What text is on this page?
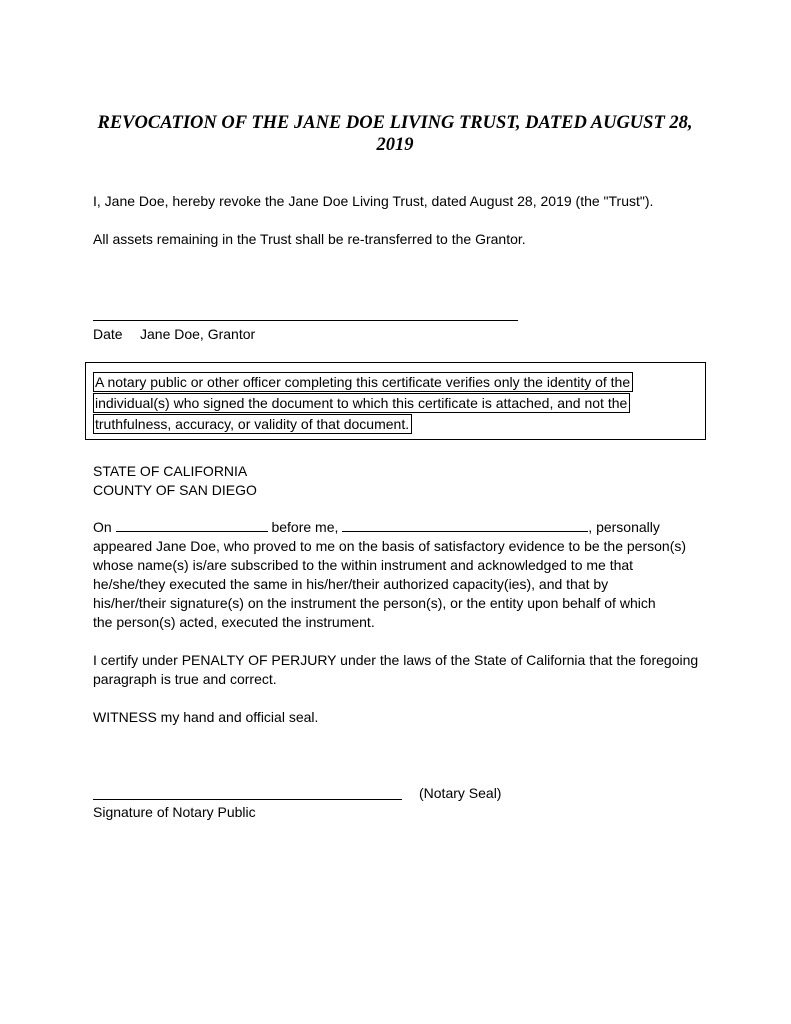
REVOCATION OF THE JANE DOE LIVING TRUST, DATED AUGUST 28,
2019
I, Jane Doe, hereby revoke the Jane Doe Living Trust, dated August 28, 2019 (the "Trust").
All assets remaining in the Trust shall be re-transferred to the Grantor.
Date Jane Doe, Grantor
A notary public or other officer completing this certificate verifies only the identity of the
individual(s) who signed the document to which this certificate is attached, and not the
truthfulness, accuracy, or validity of that document.
STATE OF CALIFORNIA
COUNTY OF SAN DIEGO
On	before me,	, personally
appeared Jane Doe, who proved to me on the basis of satisfactory evidence to be the person(s)
whose name(s) is/are subscribed to the within instrument and acknowledged to me that
he/she/they executed the same in his/her/their authorized capacity(ies), and that by
his/her/their signature(s) on the instrument the person(s), or the entity upon behalf of which
the person(s) acted, executed the instrument.
I certify under PENALTY OF PERJURY under the laws of the State of California that the foregoing
paragraph is true and correct.
WITNESS my hand and official seal.
(Notary Seal)
Signature of Notary Public
